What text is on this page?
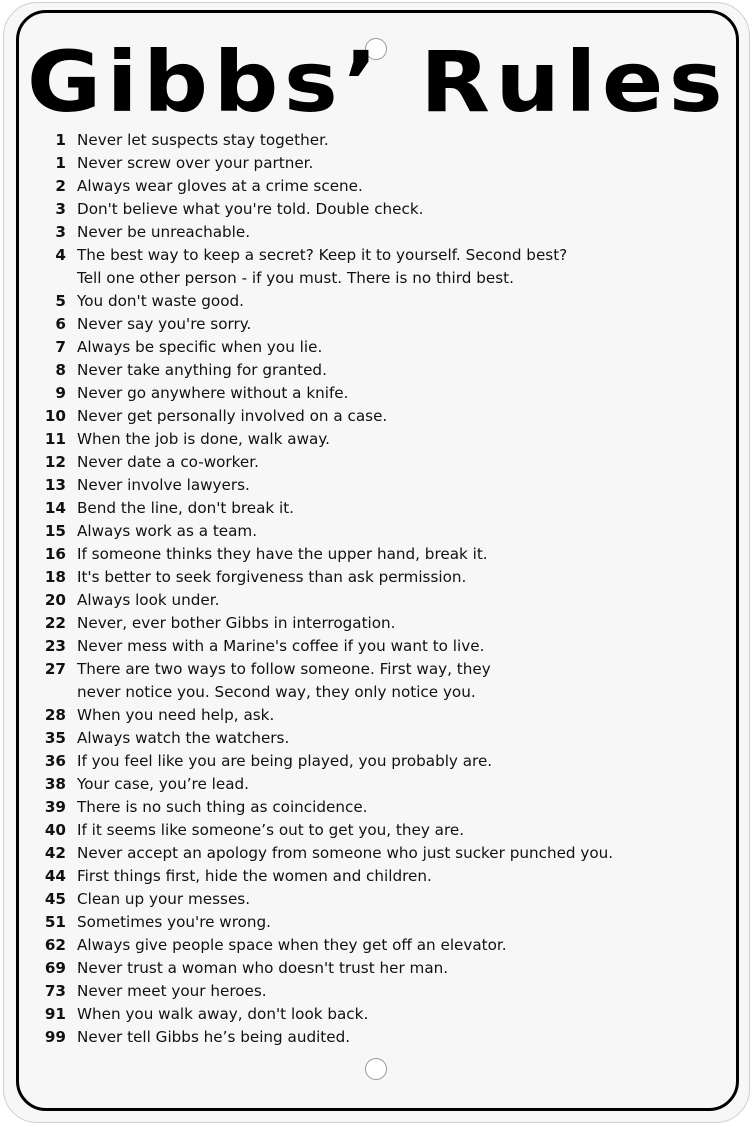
Gibbs’ Rules
1 Never let suspects stay together.
1 Never screw over your partner.
2 Always wear gloves at a crime scene.
3 Don't believe what you're told. Double check.
3 Never be unreachable.
4 The best way to keep a secret? Keep it to yourself. Second best?
Tell one other person - if you must. There is no third best.
5 You don't waste good.
6 Never say you're sorry.
7 Always be specific when you lie.
8 Never take anything for granted.
9 Never go anywhere without a knife.
10 Never get personally involved on a case.
11 When the job is done, walk away.
12 Never date a co-worker.
13 Never involve lawyers.
14 Bend the line, don't break it.
15 Always work as a team.
16 If someone thinks they have the upper hand, break it.
18 It's better to seek forgiveness than ask permission.
20 Always look under.
22 Never, ever bother Gibbs in interrogation.
23 Never mess with a Marine's coffee if you want to live.
27 There are two ways to follow someone. First way, they
never notice you. Second way, they only notice you.
28 When you need help, ask.
35 Always watch the watchers.
36 If you feel like you are being played, you probably are.
38 Your case, you’re lead.
39 There is no such thing as coincidence.
40 If it seems like someone’s out to get you, they are.
42 Never accept an apology from someone who just sucker punched you.
44 First things first, hide the women and children.
45 Clean up your messes.
51 Sometimes you're wrong.
62 Always give people space when they get off an elevator.
69 Never trust a woman who doesn't trust her man.
73 Never meet your heroes.
91 When you walk away, don't look back.
99 Never tell Gibbs he’s being audited.
